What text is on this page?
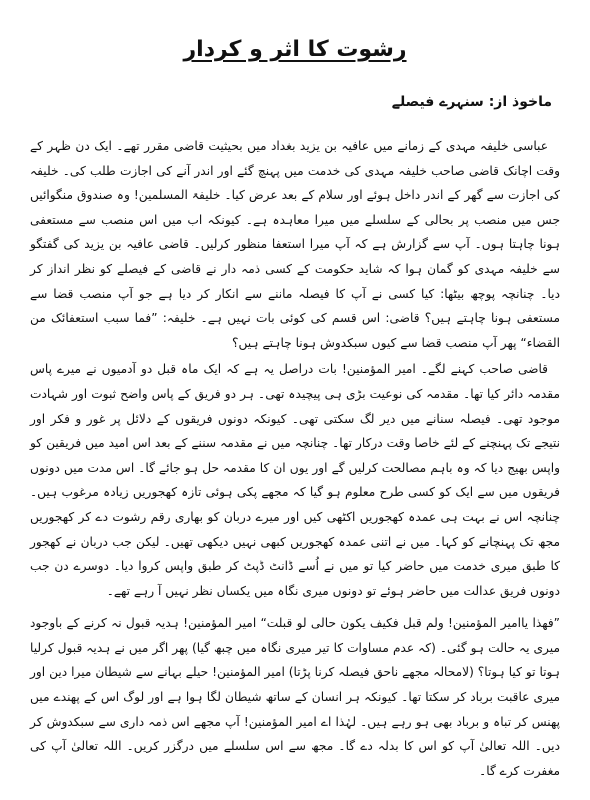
رشوت کا اثر و کردار
ماخوذ از: سنہرے فیصلے

عباسی خلیفہ مہدی کے زمانے میں عافیہ بن یزید بغداد میں بحیثیت قاضی مقرر تھے۔ ایک دن ظہر کے وقت اچانک قاضی صاحب خلیفہ مہدی کی خدمت میں پہنچ گئے اور اندر آنے کی اجازت طلب کی۔ خلیفہ کی اجازت سے گھر کے اندر داخل ہوئے اور سلام کے بعد عرض کیا۔ خلیفۃ المسلمین! وہ صندوق منگوائیں جس میں منصب پر بحالی کے سلسلے میں میرا معاہدہ ہے۔ کیونکہ اب میں اس منصب سے مستعفی ہونا چاہتا ہوں۔ آپ سے گزارش ہے کہ آپ میرا استعفا منظور کرلیں۔ قاضی عافیہ بن یزید کی گفتگو سے خلیفہ مہدی کو گمان ہوا کہ شاید حکومت کے کسی ذمہ دار نے قاضی کے فیصلے کو نظر انداز کر دیا۔ چنانچہ پوچھ بیٹھا: کیا کسی نے آپ کا فیصلہ ماننے سے انکار کر دیا ہے جو آپ منصب قضا سے مستعفی ہونا چاہتے ہیں؟ قاضی: اس قسم کی کوئی بات نہیں ہے۔ خلیفہ: ”فما سبب استعفائک من القضاء“ پھر آپ منصب قضا سے کیوں سبکدوش ہونا چاہتے ہیں؟

قاضی صاحب کہنے لگے۔ امیر المؤمنین! بات دراصل یہ ہے کہ ایک ماہ قبل دو آدمیوں نے میرے پاس مقدمہ دائر کیا تھا۔ مقدمہ کی نوعیت بڑی ہی پیچیدہ تھی۔ ہر دو فریق کے پاس واضح ثبوت اور شہادت موجود تھی۔ فیصلہ سنانے میں دیر لگ سکتی تھی۔ کیونکہ دونوں فریقوں کے دلائل پر غور و فکر اور نتیجے تک پہنچنے کے لئے خاصا وقت درکار تھا۔ چنانچہ میں نے مقدمہ سننے کے بعد اس امید میں فریقین کو واپس بھیج دیا کہ وہ باہم مصالحت کرلیں گے اور یوں ان کا مقدمہ حل ہو جائے گا۔ اس مدت میں دونوں فریقوں میں سے ایک کو کسی طرح معلوم ہو گیا کہ مجھے پکی ہوئی تازہ کھجوریں زیادہ مرغوب ہیں۔ چنانچہ اس نے بہت ہی عمدہ کھجوریں اکٹھی کیں اور میرے دربان کو بھاری رقم رشوت دے کر کھجوریں مجھ تک پہنچانے کو کہا۔ میں نے اتنی عمدہ کھجوریں کبھی نہیں دیکھی تھیں۔ لیکن جب دربان نے کھجور کا طبق میری خدمت میں حاضر کیا تو میں نے اُسے ڈانٹ ڈپٹ کر طبق واپس کروا دیا۔ دوسرے دن جب دونوں فریق عدالت میں حاضر ہوئے تو دونوں میری نگاہ میں یکساں نظر نہیں آ رہے تھے۔

”فهذا یاامیر المؤمنین! ولم قبل فكیف یكون حالی لو قبلت“ امیر المؤمنین! ہدیہ قبول نہ کرنے کے باوجود میری یہ حالت ہو گئی۔ (کہ عدم مساوات کا تیر میری نگاہ میں چبھ گیا) پھر اگر میں نے ہدیہ قبول کرلیا ہوتا تو کیا ہوتا؟ (لامحالہ مجھے ناحق فیصلہ کرنا پڑتا) امیر المؤمنین! حیلے بہانے سے شیطان میرا دین اور میری عاقبت برباد کر سکتا تھا۔ کیونکہ ہر انسان کے ساتھ شیطان لگا ہوا ہے اور لوگ اس کے پھندے میں پھنس کر تباہ و برباد بھی ہو رہے ہیں۔ لہٰذا اے امیر المؤمنین! آپ مجھے اس ذمہ داری سے سبکدوش کر دیں۔ اللہ تعالیٰ آپ کو اس کا بدلہ دے گا۔ مجھ سے اس سلسلے میں درگزر کریں۔ اللہ تعالیٰ آپ کی مغفرت کرے گا۔
